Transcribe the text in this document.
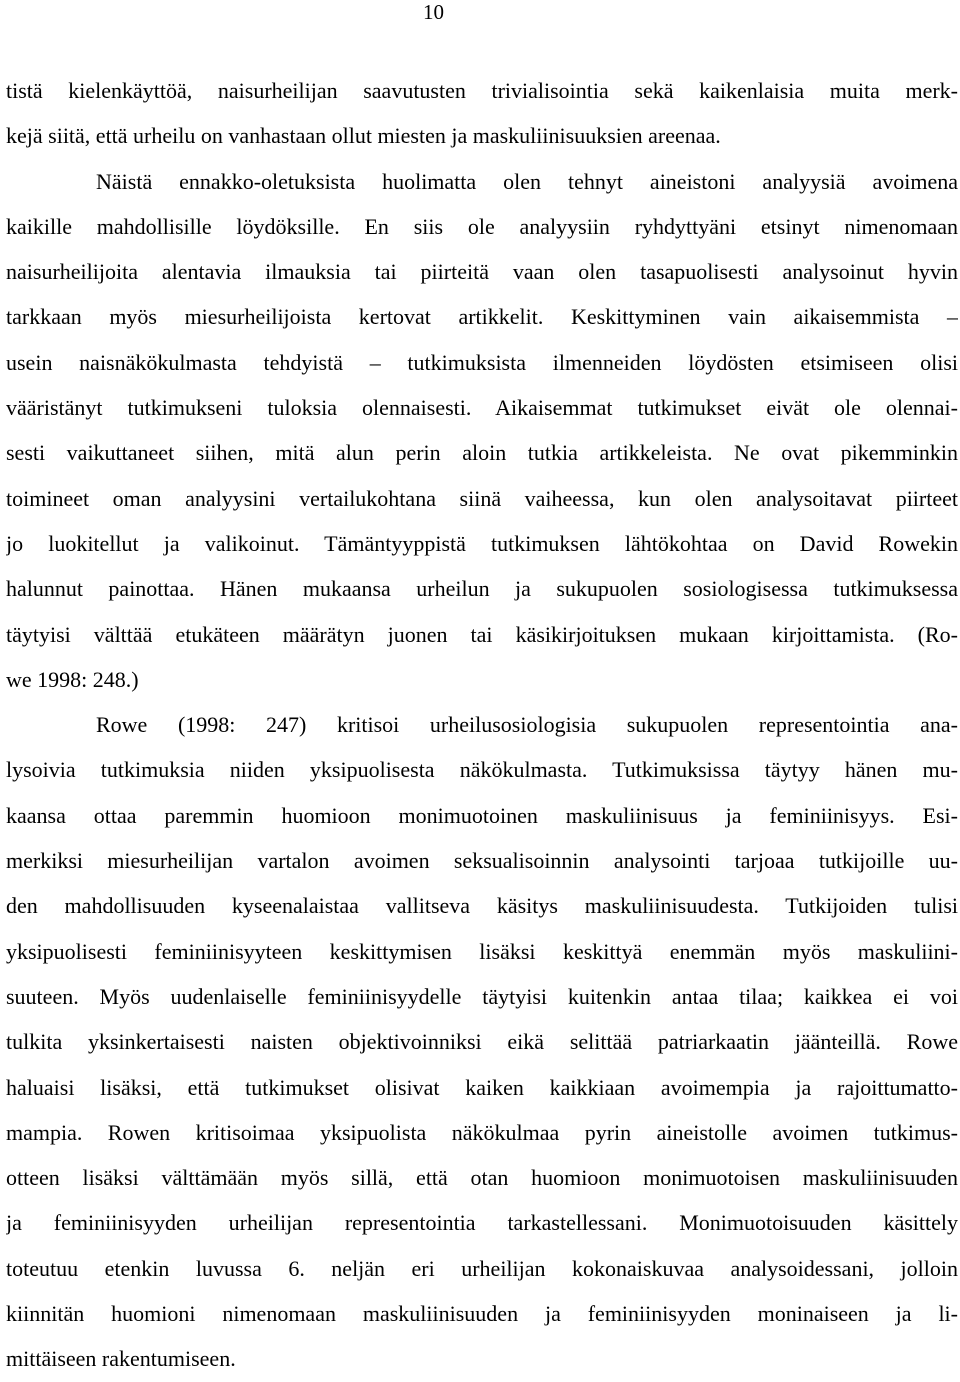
10
tistä kielenkäyttöä, naisurheilijan saavutusten trivialisointia sekä kaikenlaisia muita merk-
kejä siitä, että urheilu on vanhastaan ollut miesten ja maskuliinisuuksien areenaa.
Näistä ennakko-oletuksista huolimatta olen tehnyt aineistoni analyysiä avoimena
kaikille mahdollisille löydöksille. En siis ole analyysiin ryhdyttyäni etsinyt nimenomaan
naisurheilijoita alentavia ilmauksia tai piirteitä vaan olen tasapuolisesti analysoinut hyvin
tarkkaan myös miesurheilijoista kertovat artikkelit. Keskittyminen vain aikaisemmista –
usein naisnäkökulmasta tehdyistä – tutkimuksista ilmenneiden löydösten etsimiseen olisi
vääristänyt tutkimukseni tuloksia olennaisesti. Aikaisemmat tutkimukset eivät ole olennai-
sesti vaikuttaneet siihen, mitä alun perin aloin tutkia artikkeleista. Ne ovat pikemminkin
toimineet oman analyysini vertailukohtana siinä vaiheessa, kun olen analysoitavat piirteet
jo luokitellut ja valikoinut. Tämäntyyppistä tutkimuksen lähtökohtaa on David Rowekin
halunnut painottaa. Hänen mukaansa urheilun ja sukupuolen sosiologisessa tutkimuksessa
täytyisi välttää etukäteen määrätyn juonen tai käsikirjoituksen mukaan kirjoittamista. (Ro-
we 1998: 248.)
Rowe (1998: 247) kritisoi urheilusosiologisia sukupuolen representointia ana-
lysoivia tutkimuksia niiden yksipuolisesta näkökulmasta. Tutkimuksissa täytyy hänen mu-
kaansa ottaa paremmin huomioon monimuotoinen maskuliinisuus ja feminiinisyys. Esi-
merkiksi miesurheilijan vartalon avoimen seksualisoinnin analysointi tarjoaa tutkijoille uu-
den mahdollisuuden kyseenalaistaa vallitseva käsitys maskuliinisuudesta. Tutkijoiden tulisi
yksipuolisesti feminiinisyyteen keskittymisen lisäksi keskittyä enemmän myös maskuliini-
suuteen. Myös uudenlaiselle feminiinisyydelle täytyisi kuitenkin antaa tilaa; kaikkea ei voi
tulkita yksinkertaisesti naisten objektivoinniksi eikä selittää patriarkaatin jäänteillä. Rowe
haluaisi lisäksi, että tutkimukset olisivat kaiken kaikkiaan avoimempia ja rajoittumatto-
mampia. Rowen kritisoimaa yksipuolista näkökulmaa pyrin aineistolle avoimen tutkimus-
otteen lisäksi välttämään myös sillä, että otan huomioon monimuotoisen maskuliinisuuden
ja feminiinisyyden urheilijan representointia tarkastellessani. Monimuotoisuuden käsittely
toteutuu etenkin luvussa 6. neljän eri urheilijan kokonaiskuvaa analysoidessani, jolloin
kiinnitän huomioni nimenomaan maskuliinisuuden ja feminiinisyyden moninaiseen ja li-
mittäiseen rakentumiseen.
